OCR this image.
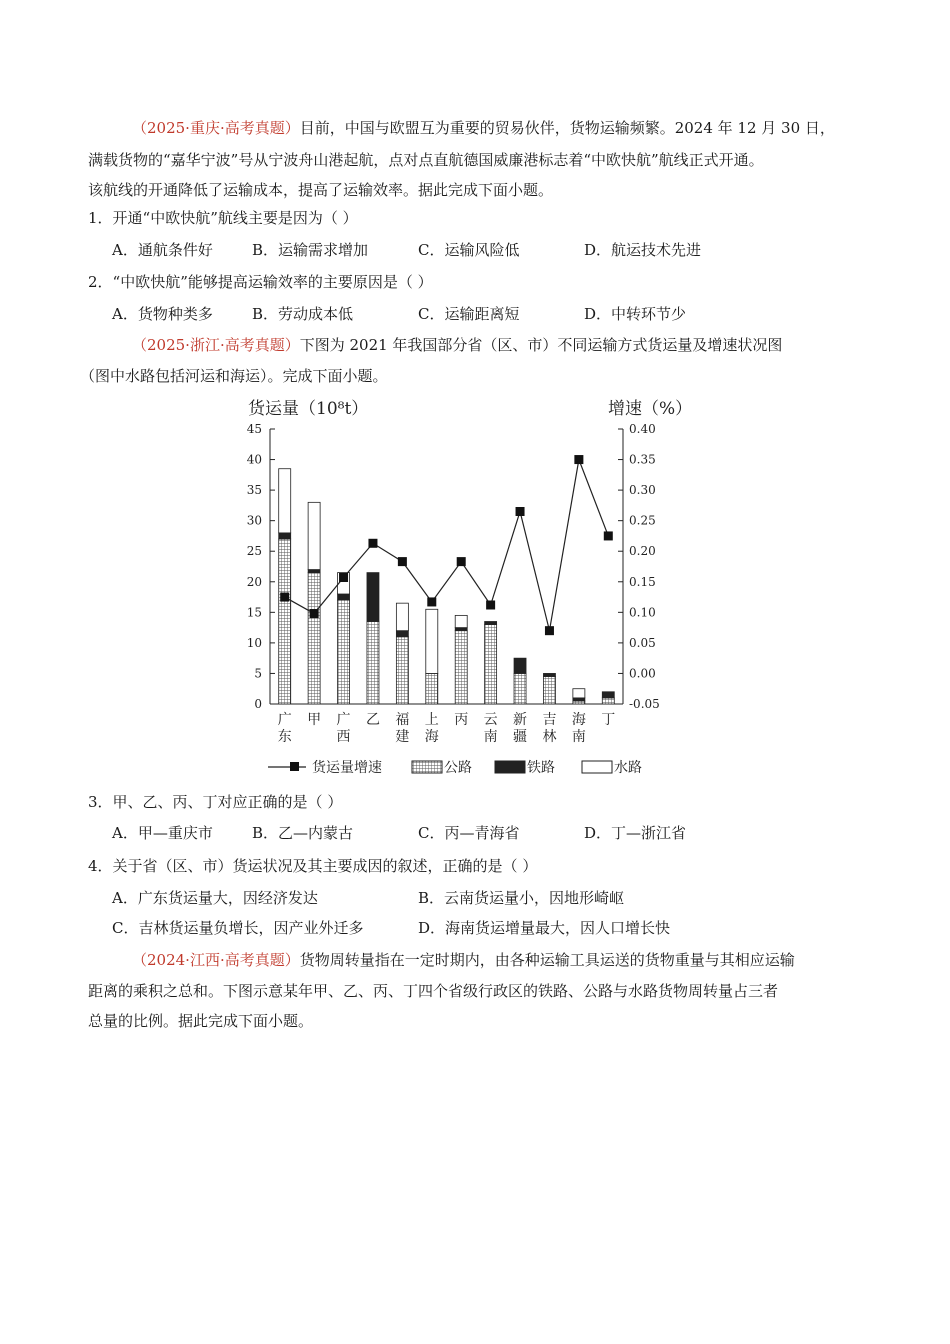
（2025·重庆·高考真题）目前，中国与欧盟互为重要的贸易伙伴，货物运输频繁。2024 年 12 月 30 日，
满载货物的“嘉华宁波”号从宁波舟山港起航，点对点直航德国威廉港标志着“中欧快航”航线正式开通。
该航线的开通降低了运输成本，提高了运输效率。据此完成下面小题。
1．开通“中欧快航”航线主要是因为（ ）
A．通航条件好	B．运输需求增加	C．运输风险低	D．航运技术先进
2．“中欧快航”能够提高运输效率的主要原因是（ ）
A．货物种类多	B．劳动成本低	C．运输距离短	D．中转环节少
（2025·浙江·高考真题）下图为 2021 年我国部分省（区、市）不同运输方式货运量及增速状况图
（图中水路包括河运和海运）。完成下面小题。
货运量（10⁸t）	增速（%）
0
5
10
15
20
25
30
35
40
45
-0.05
0.00
0.05
0.10
0.15
0.20
0.25
0.30
0.35
0.40
广
东
甲 广
西
乙 福
建
上
海
丙 云
南
新
疆
吉
林
海
南
丁
货运量增速	公路	铁路	水路
3．甲、乙、丙、丁对应正确的是（ ）
A．甲—重庆市	B．乙—内蒙古	C．丙—青海省	D．丁—浙江省
4．关于省（区、市）货运状况及其主要成因的叙述，正确的是（ ）
A．广东货运量大，因经济发达	B．云南货运量小，因地形崎岖
C．吉林货运量负增长，因产业外迁多	D．海南货运增量最大，因人口增长快
（2024·江西·高考真题）货物周转量指在一定时期内，由各种运输工具运送的货物重量与其相应运输
距离的乘积之总和。下图示意某年甲、乙、丙、丁四个省级行政区的铁路、公路与水路货物周转量占三者
总量的比例。据此完成下面小题。
